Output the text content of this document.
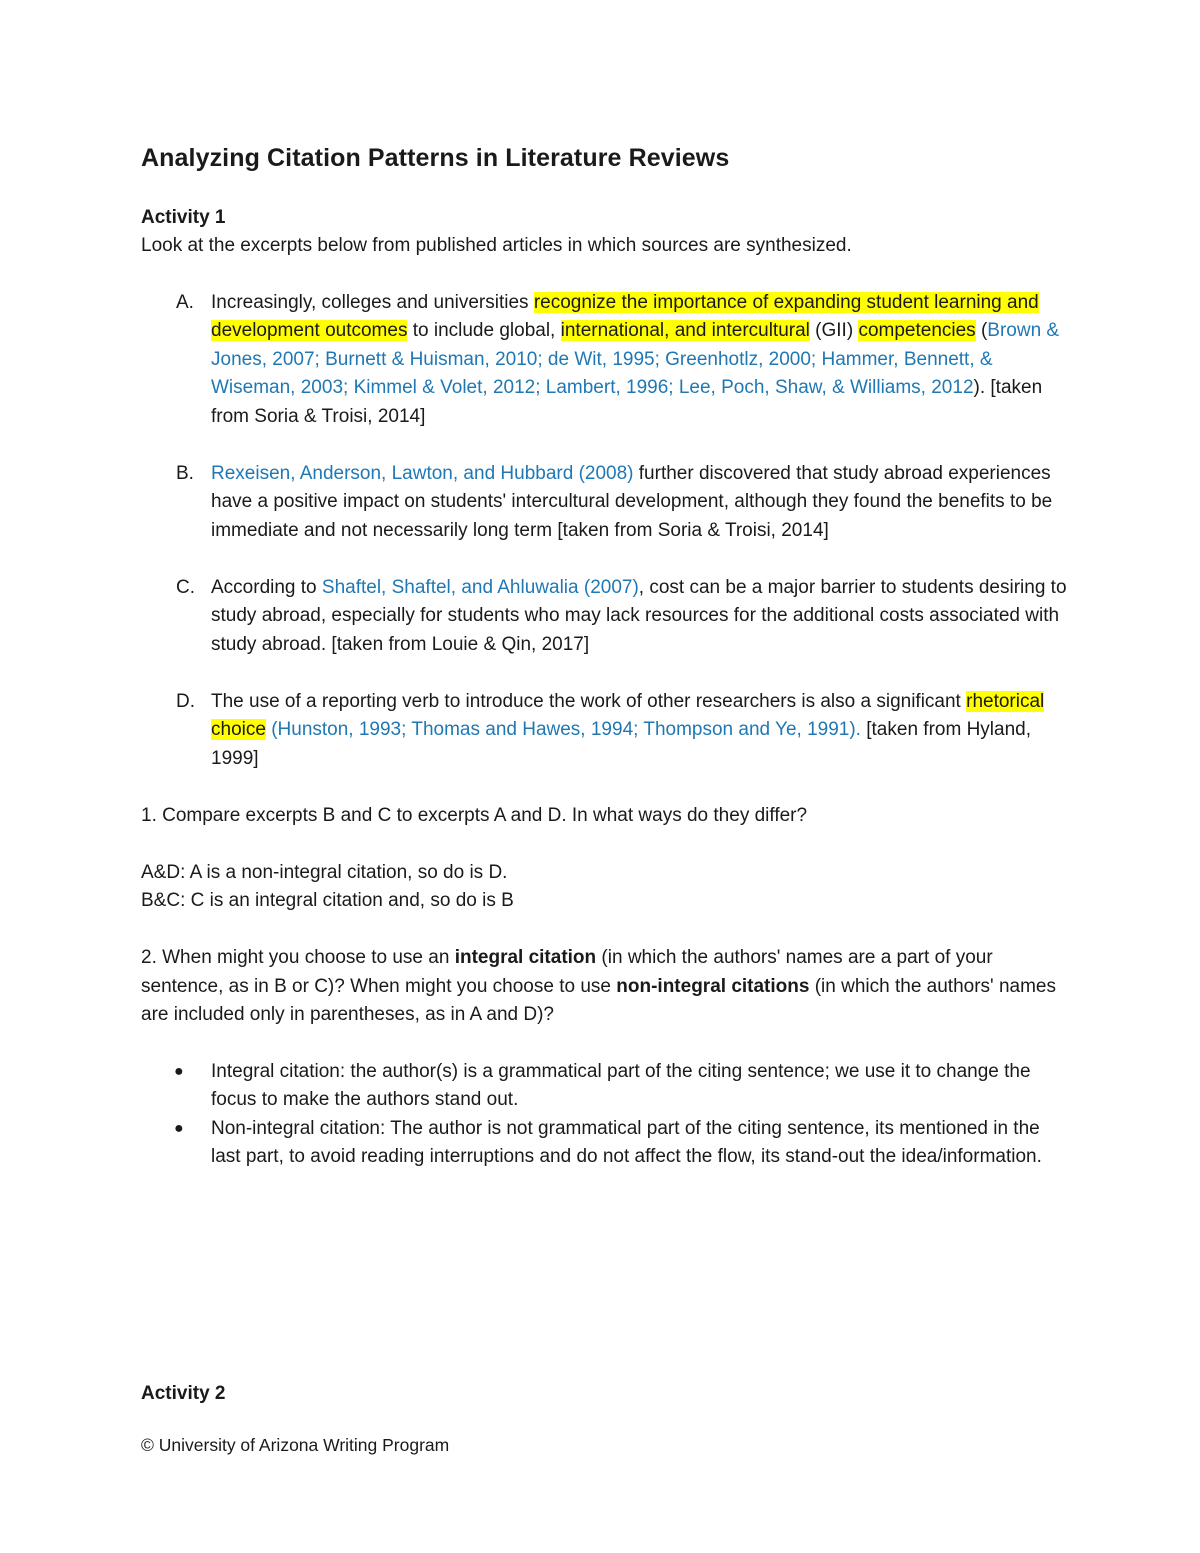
Analyzing Citation Patterns in Literature Reviews

Activity 1

Look at the excerpts below from published articles in which sources are synthesized.

A. Increasingly, colleges and universities recognize the importance of expanding student learning and development outcomes to include global, international, and intercultural (GII) competencies (Brown & Jones, 2007; Burnett & Huisman, 2010; de Wit, 1995; Greenhotlz, 2000; Hammer, Bennett, & Wiseman, 2003; Kimmel & Volet, 2012; Lambert, 1996; Lee, Poch, Shaw, & Williams, 2012). [taken from Soria & Troisi, 2014]
B. Rexeisen, Anderson, Lawton, and Hubbard (2008) further discovered that study abroad experiences have a positive impact on students' intercultural development, although they found the benefits to be immediate and not necessarily long term [taken from Soria & Troisi, 2014]
C. According to Shaftel, Shaftel, and Ahluwalia (2007), cost can be a major barrier to students desiring to study abroad, especially for students who may lack resources for the additional costs associated with study abroad. [taken from Louie & Qin, 2017]
D. The use of a reporting verb to introduce the work of other researchers is also a significant rhetorical choice (Hunston, 1993; Thomas and Hawes, 1994; Thompson and Ye, 1991). [taken from Hyland, 1999]

1. Compare excerpts B and C to excerpts A and D. In what ways do they differ?

A&D: A is a non-integral citation, so do is D.

B&C: C is an integral citation and, so do is B

2. When might you choose to use an integral citation (in which the authors' names are a part of your sentence, as in B or C)? When might you choose to use non-integral citations (in which the authors' names are included only in parentheses, as in A and D)?

● Integral citation: the author(s) is a grammatical part of the citing sentence; we use it to change the focus to make the authors stand out.
● Non-integral citation: The author is not grammatical part of the citing sentence, its mentioned in the last part, to avoid reading interruptions and do not affect the flow, its stand-out the idea/information.

Activity 2

© University of Arizona Writing Program
